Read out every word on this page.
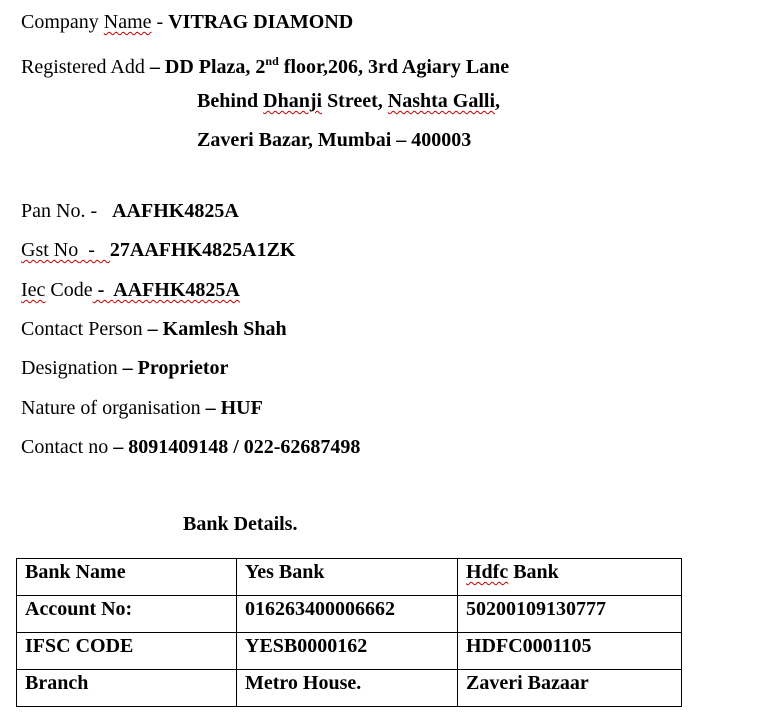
Company Name - VITRAG DIAMOND
Registered Add – DD Plaza, 2nd floor,206, 3rd Agiary Lane
Behind Dhanji Street, Nashta Galli,
Zaveri Bazar, Mumbai – 400003
Pan No. -   AAFHK4825A
Gst No  -   27AAFHK4825A1ZK
Iec Code -  AAFHK4825A
Contact Person – Kamlesh Shah
Designation – Proprietor
Nature of organisation – HUF
Contact no – 8091409148 / 022-62687498
Bank Details.
Bank Name	Yes Bank	Hdfc Bank
Account No:	016263400006662	50200109130777
IFSC CODE	YESB0000162	HDFC0001105
Branch	Metro House.	Zaveri Bazaar
